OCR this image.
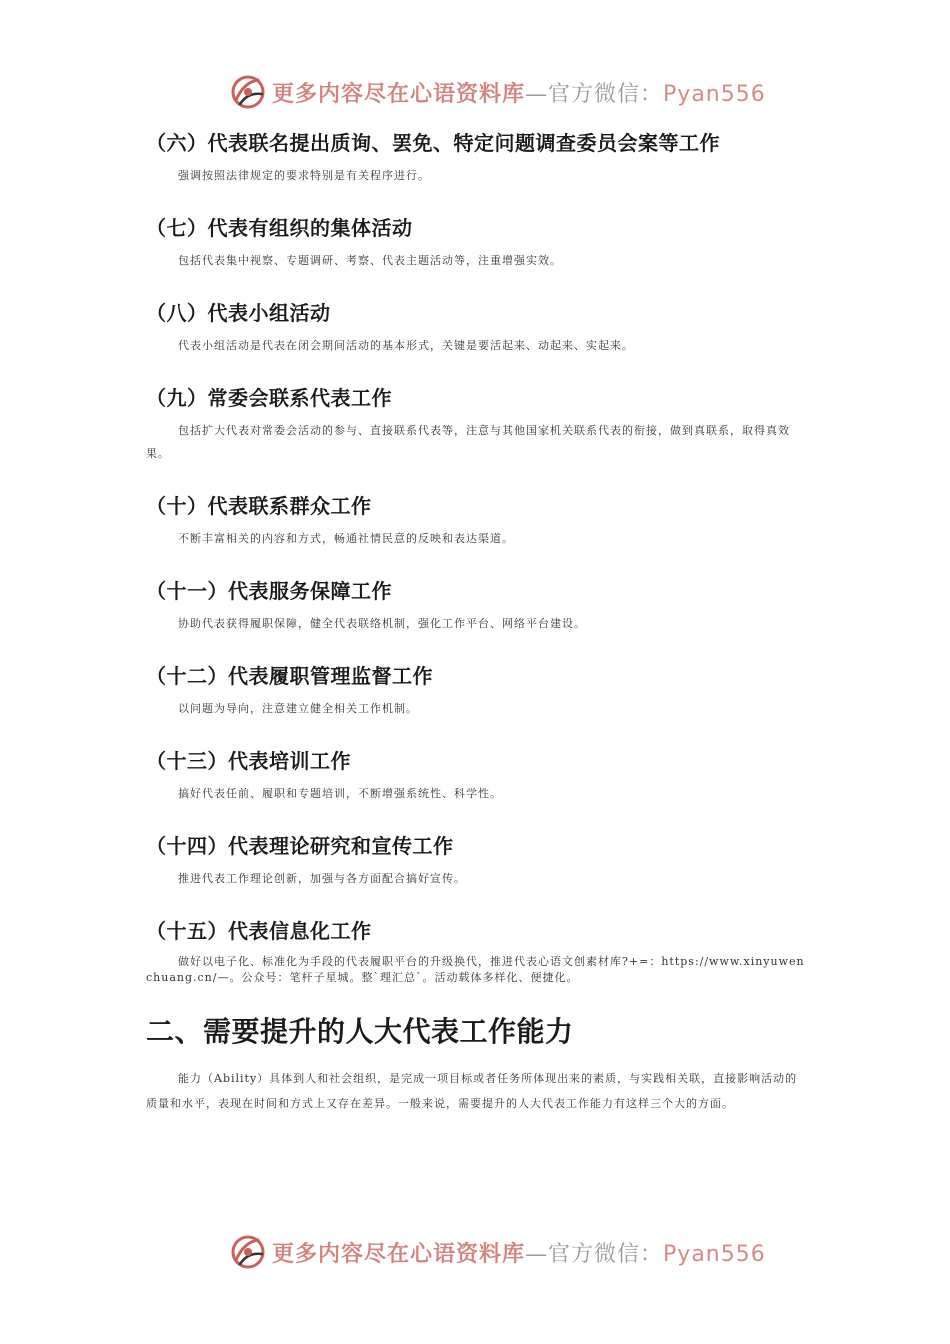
更多内容尽在心语资料库—官方微信：Pyan556
（六）代表联名提出质询、罢免、特定问题调查委员会案等工作

强调按照法律规定的要求特别是有关程序进行。

（七）代表有组织的集体活动

包括代表集中视察、专题调研、考察、代表主题活动等，注重增强实效。

（八）代表小组活动

代表小组活动是代表在闭会期间活动的基本形式，关键是要活起来、动起来、实起来。

（九）常委会联系代表工作

包括扩大代表对常委会活动的参与、直接联系代表等，注意与其他国家机关联系代表的衔接，做到真联系，取得真效果。

（十）代表联系群众工作

不断丰富相关的内容和方式，畅通社情民意的反映和表达渠道。

（十一）代表服务保障工作

协助代表获得履职保障，健全代表联络机制，强化工作平台、网络平台建设。

（十二）代表履职管理监督工作

以问题为导向，注意建立健全相关工作机制。

（十三）代表培训工作

搞好代表任前、履职和专题培训，不断增强系统性、科学性。

（十四）代表理论研究和宣传工作

推进代表工作理论创新，加强与各方面配合搞好宣传。

（十五）代表信息化工作

做好以电子化、标准化为手段的代表履职平台的升级换代，推进代表心语文创素材库?+=：https://www.xinyuwenchuang.cn/—。公众号：笔杆子星城。整`理汇总`。活动载体多样化、便捷化。

二、需要提升的人大代表工作能力

能力（Ability）具体到人和社会组织，是完成一项目标或者任务所体现出来的素质，与实践相关联，直接影响活动的质量和水平，表现在时间和方式上又存在差异。一般来说，需要提升的人大代表工作能力有这样三个大的方面。

更多内容尽在心语资料库—官方微信：Pyan556
